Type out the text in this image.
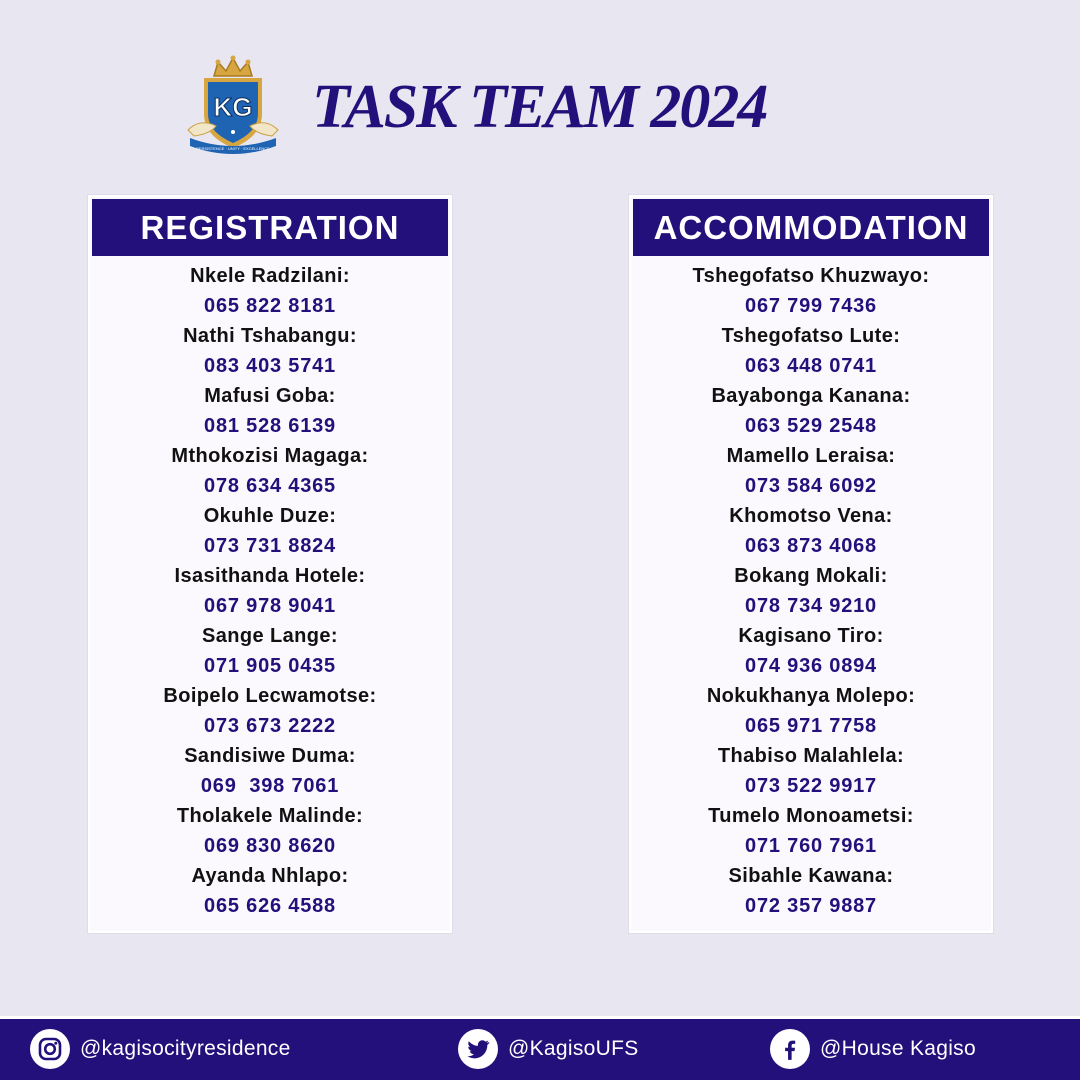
KG
PERSISTENCE · UNITY · EXCELLENCE
TASK TEAM 2024
REGISTRATION
Nkele Radzilani:
065 822 8181
Nathi Tshabangu:
083 403 5741
Mafusi Goba:
081 528 6139
Mthokozisi Magaga:
078 634 4365
Okuhle Duze:
073 731 8824
Isasithanda Hotele:
067 978 9041
Sange Lange:
071 905 0435
Boipelo Lecwamotse:
073 673 2222
Sandisiwe Duma:
069  398 7061
Tholakele Malinde:
069 830 8620
Ayanda Nhlapo:
065 626 4588
ACCOMMODATION
Tshegofatso Khuzwayo:
067 799 7436
Tshegofatso Lute:
063 448 0741
Bayabonga Kanana:
063 529 2548
Mamello Leraisa:
073 584 6092
Khomotso Vena:
063 873 4068
Bokang Mokali:
078 734 9210
Kagisano Tiro:
074 936 0894
Nokukhanya Molepo:
065 971 7758
Thabiso Malahlela:
073 522 9917
Tumelo Monoametsi:
071 760 7961
Sibahle Kawana:
072 357 9887
@kagisocityresidence	@KagisoUFS	@House Kagiso
